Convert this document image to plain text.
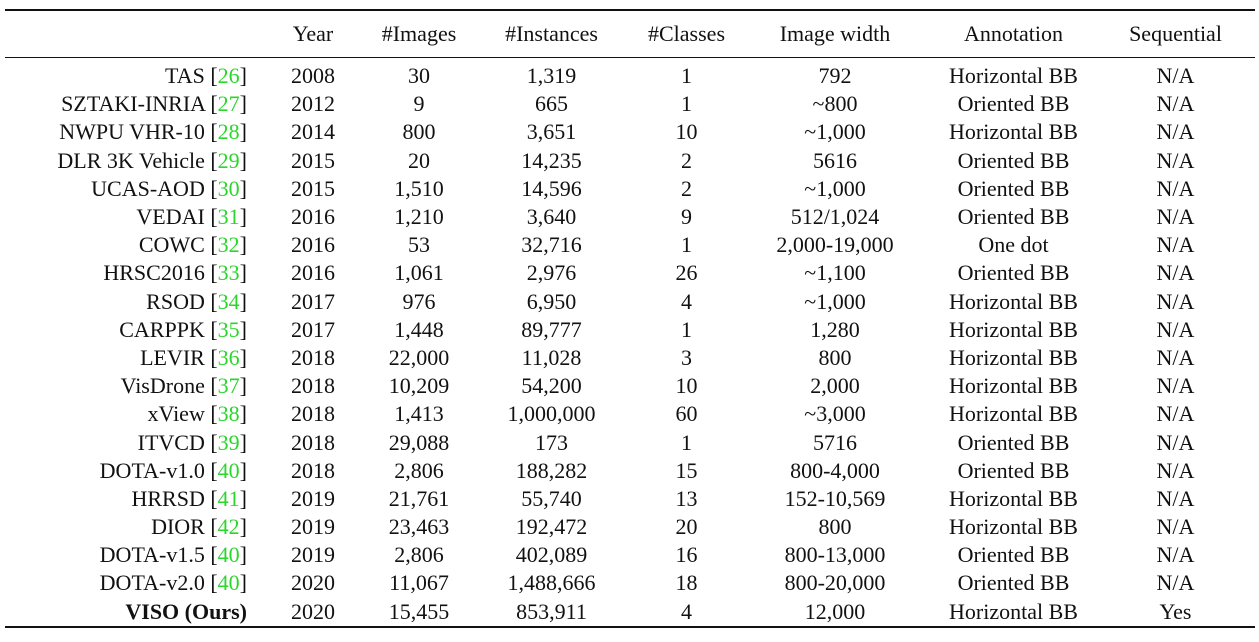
	Year	#Images	#Instances	#Classes	Image width	Annotation	Sequential
TAS [26]	2008	30	1,319	1	792	Horizontal BB	N/A
SZTAKI-INRIA [27]	2012	9	665	1	~800	Oriented BB	N/A
NWPU VHR-10 [28]	2014	800	3,651	10	~1,000	Horizontal BB	N/A
DLR 3K Vehicle [29]	2015	20	14,235	2	5616	Oriented BB	N/A
UCAS-AOD [30]	2015	1,510	14,596	2	~1,000	Oriented BB	N/A
VEDAI [31]	2016	1,210	3,640	9	512/1,024	Oriented BB	N/A
COWC [32]	2016	53	32,716	1	2,000-19,000	One dot	N/A
HRSC2016 [33]	2016	1,061	2,976	26	~1,100	Oriented BB	N/A
RSOD [34]	2017	976	6,950	4	~1,000	Horizontal BB	N/A
CARPPK [35]	2017	1,448	89,777	1	1,280	Horizontal BB	N/A
LEVIR [36]	2018	22,000	11,028	3	800	Horizontal BB	N/A
VisDrone [37]	2018	10,209	54,200	10	2,000	Horizontal BB	N/A
xView [38]	2018	1,413	1,000,000	60	~3,000	Horizontal BB	N/A
ITVCD [39]	2018	29,088	173	1	5716	Oriented BB	N/A
DOTA-v1.0 [40]	2018	2,806	188,282	15	800-4,000	Oriented BB	N/A
HRRSD [41]	2019	21,761	55,740	13	152-10,569	Horizontal BB	N/A
DIOR [42]	2019	23,463	192,472	20	800	Horizontal BB	N/A
DOTA-v1.5 [40]	2019	2,806	402,089	16	800-13,000	Oriented BB	N/A
DOTA-v2.0 [40]	2020	11,067	1,488,666	18	800-20,000	Oriented BB	N/A
VISO (Ours)	2020	15,455	853,911	4	12,000	Horizontal BB	Yes
